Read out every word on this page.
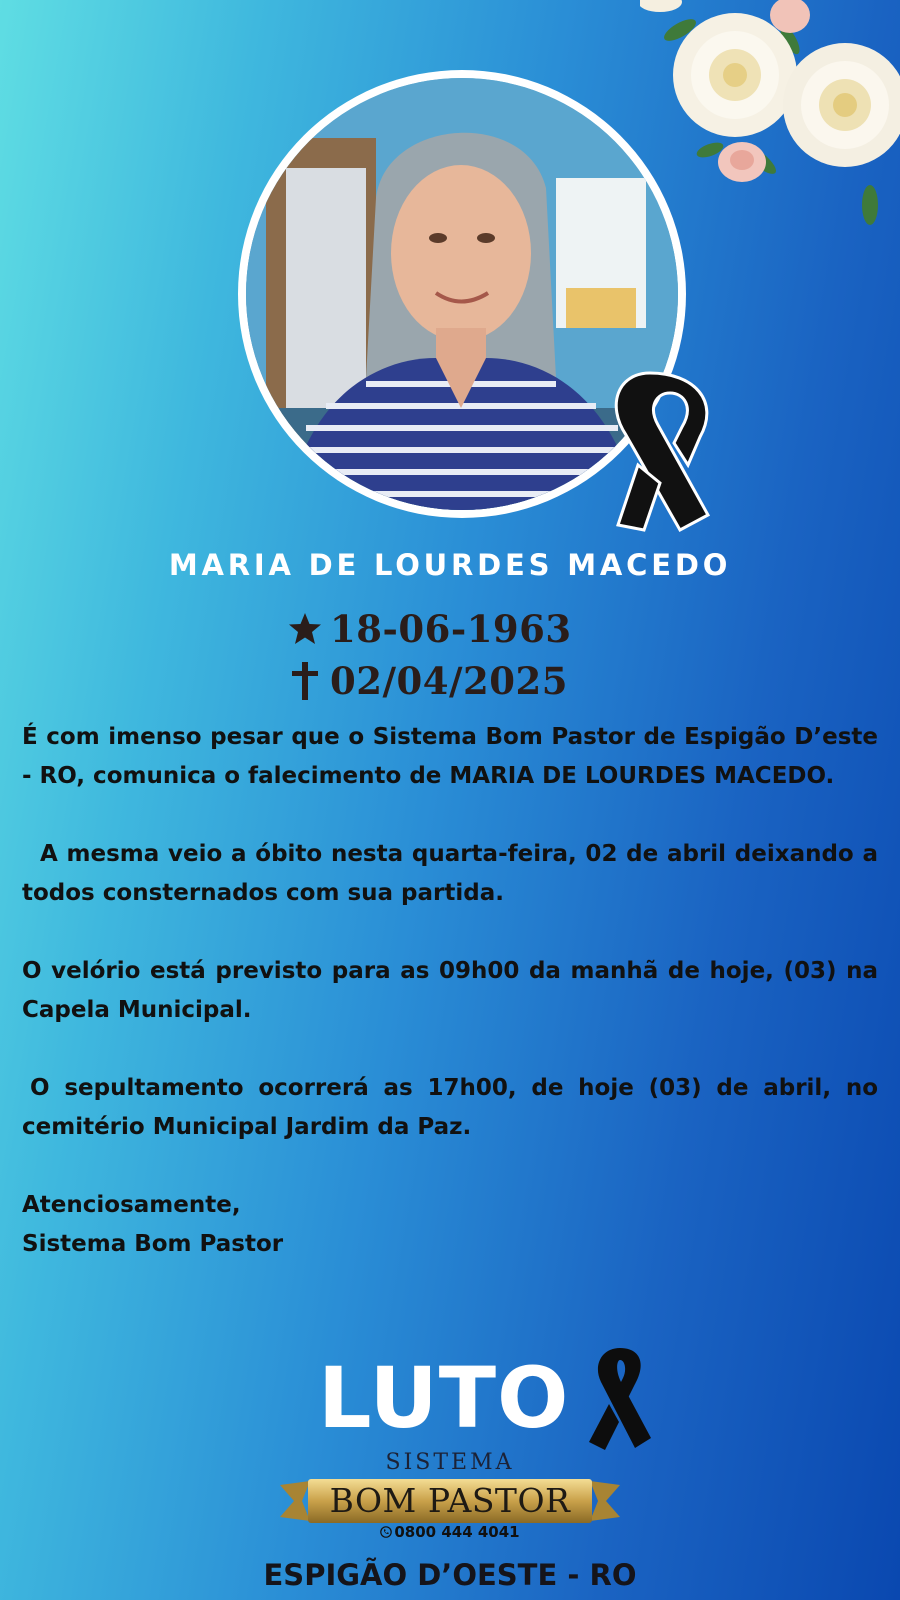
MARIA DE LOURDES MACEDO
18-06-1963
02/04/2025

É com imenso pesar que o Sistema Bom Pastor de Espigão D’este - RO, comunica o falecimento de MARIA DE LOURDES MACEDO.

A mesma veio a óbito nesta quarta-feira, 02 de abril deixando a todos consternados com sua partida.

O velório está previsto para as 09h00 da manhã de hoje, (03) na Capela Municipal.

O sepultamento ocorrerá as 17h00, de hoje (03) de abril, no cemitério Municipal Jardim da Paz.

Atenciosamente,

Sistema Bom Pastor

LUTO
SISTEMA
BOM PASTOR
0800 444 4041
ESPIGÃO D’OESTE - RO
